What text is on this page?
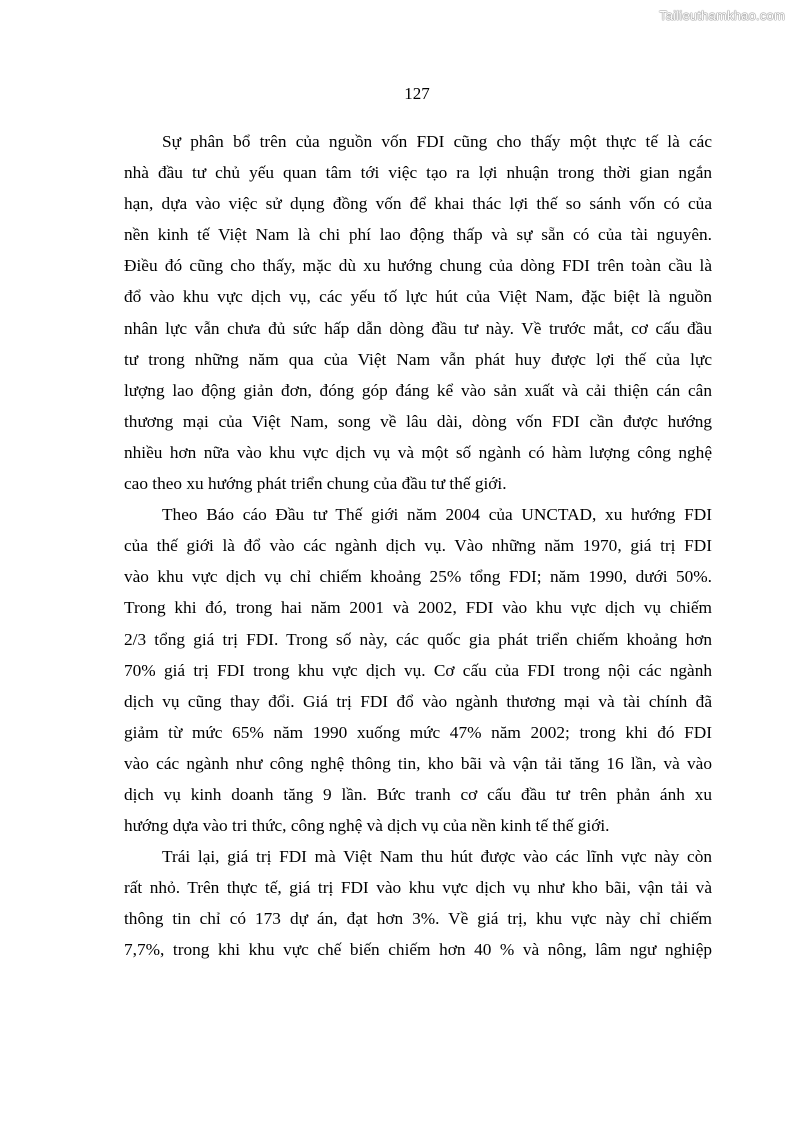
Tailieuthamkhao.com
127
Sự phân bổ trên của nguồn vốn FDI cũng cho thấy một thực tế là các
nhà đầu tư chủ yếu quan tâm tới việc tạo ra lợi nhuận trong thời gian ngắn
hạn, dựa vào việc sử dụng đồng vốn để khai thác lợi thế so sánh vốn có của
nền kinh tế Việt Nam là chi phí lao động thấp và sự sẵn có của tài nguyên.
Điều đó cũng cho thấy, mặc dù xu hướng chung của dòng FDI trên toàn cầu là
đổ vào khu vực dịch vụ, các yếu tố lực hút của Việt Nam, đặc biệt là nguồn
nhân lực vẫn chưa đủ sức hấp dẫn dòng đầu tư này. Về trước mắt, cơ cấu đầu
tư trong những năm qua của Việt Nam vẫn phát huy được lợi thế của lực
lượng lao động giản đơn, đóng góp đáng kể vào sản xuất và cải thiện cán cân
thương mại của Việt Nam, song về lâu dài, dòng vốn FDI cần được hướng
nhiều hơn nữa vào khu vực dịch vụ và một số ngành có hàm lượng công nghệ
cao theo xu hướng phát triển chung của đầu tư thế giới.
Theo Báo cáo Đầu tư Thế giới năm 2004 của UNCTAD, xu hướng FDI
của thế giới là đổ vào các ngành dịch vụ. Vào những năm 1970, giá trị FDI
vào khu vực dịch vụ chỉ chiếm khoảng 25% tổng FDI; năm 1990, dưới 50%.
Trong khi đó, trong hai năm 2001 và 2002, FDI vào khu vực dịch vụ chiếm
2/3 tổng giá trị FDI. Trong số này, các quốc gia phát triển chiếm khoảng hơn
70% giá trị FDI trong khu vực dịch vụ. Cơ cấu của FDI trong nội các ngành
dịch vụ cũng thay đổi. Giá trị FDI đổ vào ngành thương mại và tài chính đã
giảm từ mức 65% năm 1990 xuống mức 47% năm 2002; trong khi đó FDI
vào các ngành như công nghệ thông tin, kho bãi và vận tải tăng 16 lần, và vào
dịch vụ kinh doanh tăng 9 lần. Bức tranh cơ cấu đầu tư trên phản ánh xu
hướng dựa vào tri thức, công nghệ và dịch vụ của nền kinh tế thế giới.
Trái lại, giá trị FDI mà Việt Nam thu hút được vào các lĩnh vực này còn
rất nhỏ. Trên thực tế, giá trị FDI vào khu vực dịch vụ như kho bãi, vận tải và
thông tin chỉ có 173 dự án, đạt hơn 3%. Về giá trị, khu vực này chỉ chiếm
7,7%, trong khi khu vực chế biến chiếm hơn 40 % và nông, lâm ngư nghiệp
